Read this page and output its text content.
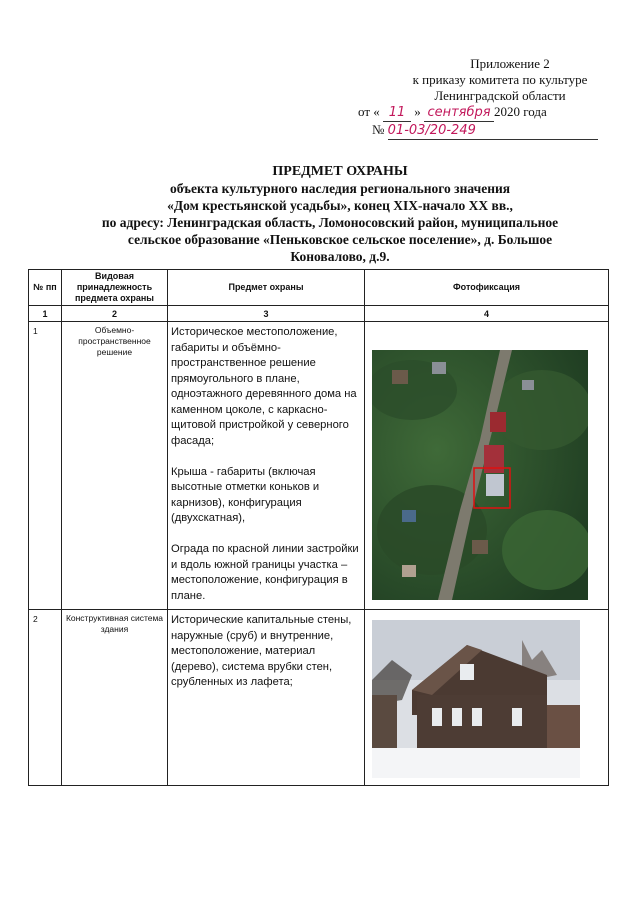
Приложение 2
к приказу комитета по культуре
Ленинградской области
от « 11 » сентября 2020 года
№ 01-03/20-249
ПРЕДМЕТ ОХРАНЫ
объекта культурного наследия регионального значения
«Дом крестьянской усадьбы», конец XIX-начало XX вв.,
по адресу: Ленинградская область, Ломоносовский район, муниципальное
сельское образование «Пеньковское сельское поселение», д. Большое
Коновалово, д.9.
№ пп	Видовая принадлежность предмета охраны	Предмет охраны	Фотофиксация
1	2	3	4
1	Объемно-пространственное решение	Историческое местоположение, габариты и объёмно-пространственное решение прямоугольного в плане, одноэтажного деревянного дома на каменном цоколе, с каркасно-щитовой пристройкой у северного фасада;

Крыша - габариты (включая высотные отметки коньков и карнизов), конфигурация (двухскатная),

Ограда по красной линии застройки и вдоль южной границы участка – местоположение, конфигурация в плане.	

2	Конструктивная система здания	Исторические капитальные стены, наружные (сруб) и внутренние, местоположение, материал (дерево), система врубки стен, срубленных из лафета;	
